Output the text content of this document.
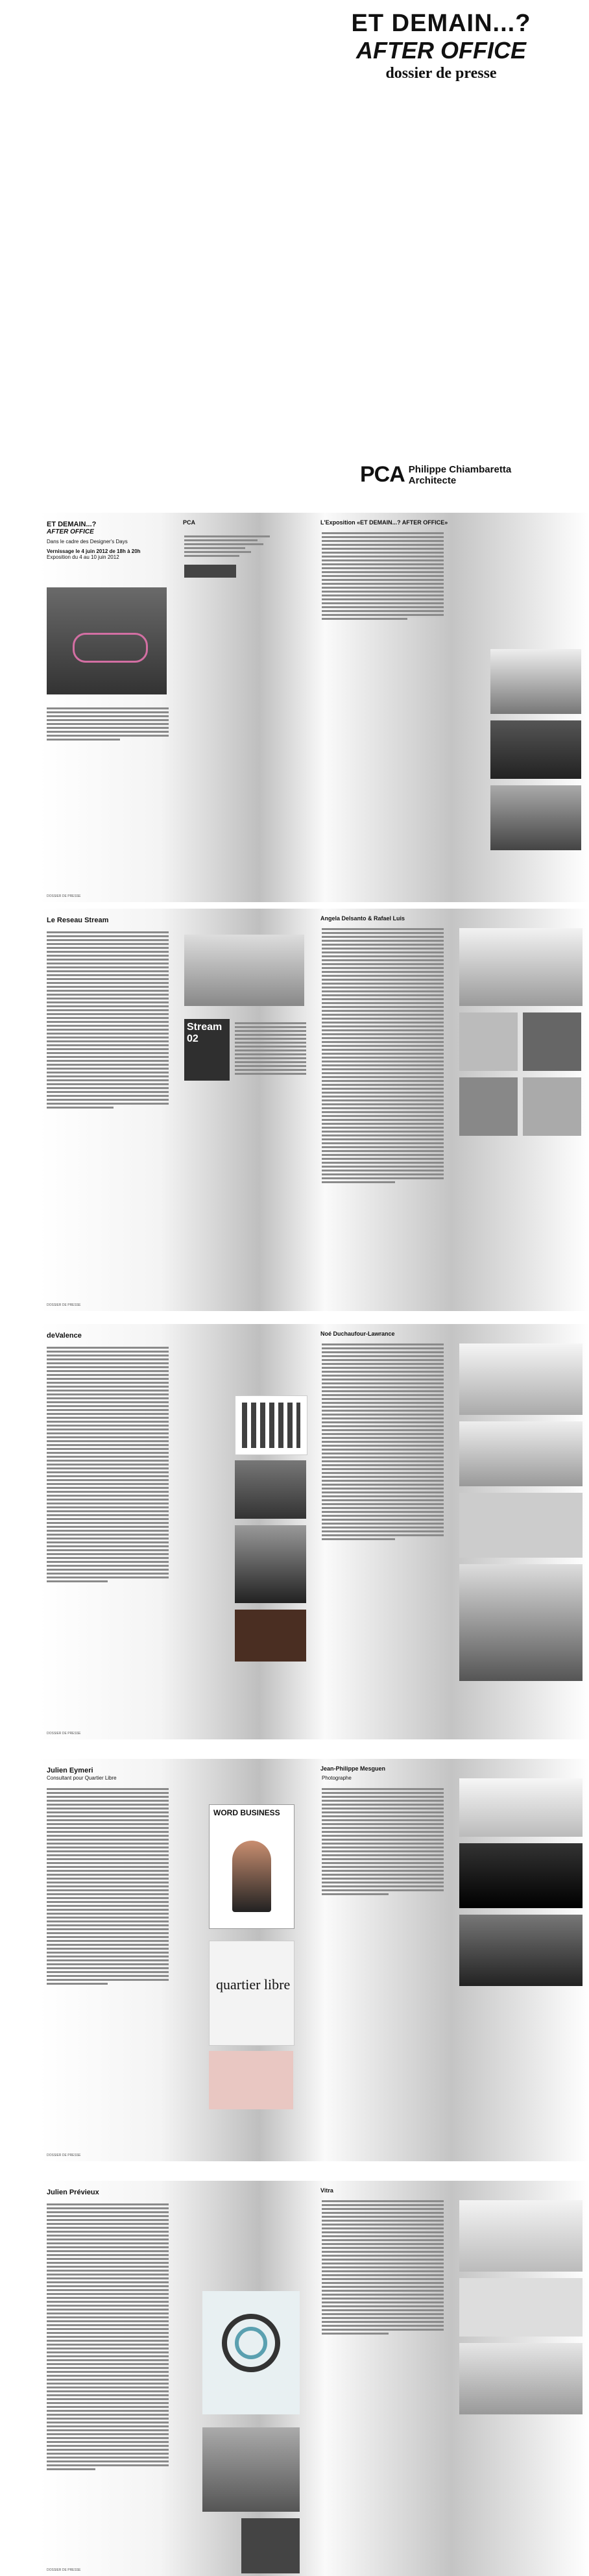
ET DEMAIN...?
AFTER OFFICE
dossier de presse
PCA Philippe Chiambaretta
Architecte
ET DEMAIN...?
AFTER OFFICE
Dans le cadre des Designer's Days
Vernissage le 4 juin 2012 de 18h à 20h
Exposition du 4 au 10 juin 2012
DOSSIER DE PRESSE
PCA	L'Exposition «ET DEMAIN...? AFTER OFFICE»
Le Reseau Stream
DOSSIER DE PRESSE
Stream 02
Angela Delsanto & Rafael Luis
deValence
DOSSIER DE PRESSE
Noé Duchaufour-Lawrance
Julien Eymeri
Consultant pour Quartier Libre
DOSSIER DE PRESSE
WORD BUSINESS
quartier libre
Jean-Philippe Mesguen
Photographe
Julien Prévieux
DOSSIER DE PRESSE
Vitra
